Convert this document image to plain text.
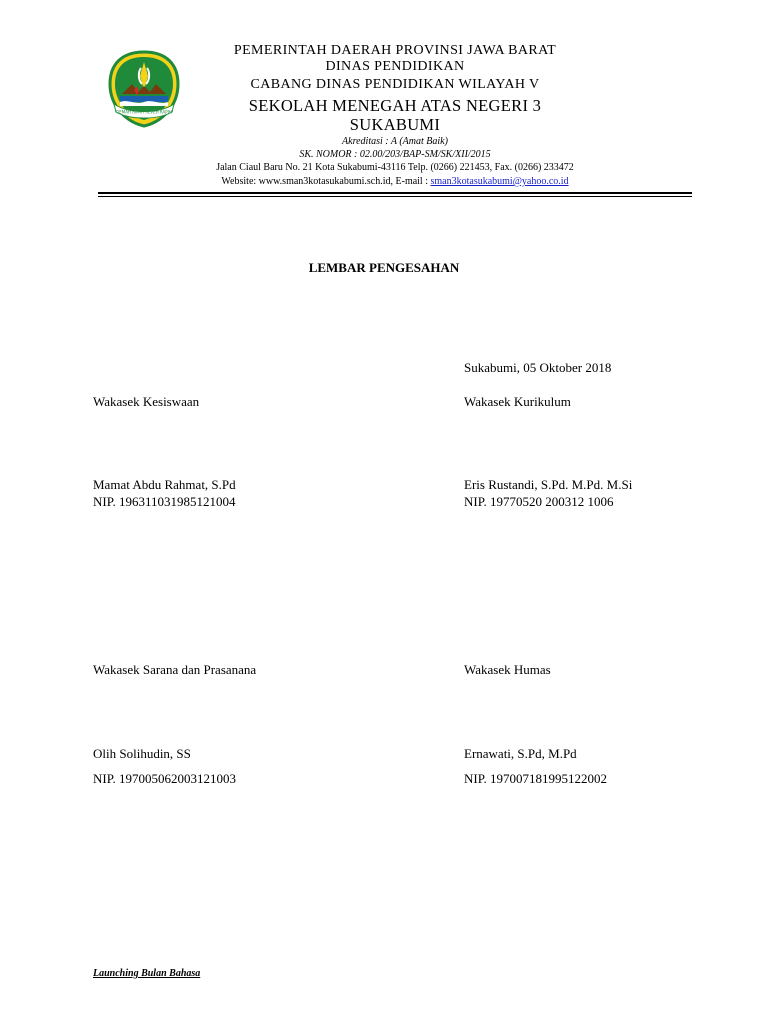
GEMAH RIPAH REPEH RAPIH
PEMERINTAH DAERAH PROVINSI JAWA BARAT
DINAS PENDIDIKAN
CABANG DINAS PENDIDIKAN WILAYAH V
SEKOLAH MENEGAH ATAS NEGERI 3
SUKABUMI
Akreditasi : A (Amat Baik)
SK. NOMOR : 02.00/203/BAP-SM/SK/XII/2015
Jalan Ciaul Baru No. 21 Kota Sukabumi-43116 Telp. (0266) 221453, Fax. (0266) 233472
Website: www.sman3kotasukabumi.sch.id, E-mail : sman3kotasukabumi@yahoo.co.id
LEMBAR PENGESAHAN
Sukabumi, 05 Oktober 2018
Wakasek Kesiswaan
Mamat Abdu Rahmat, S.Pd
NIP. 196311031985121004
Wakasek Kurikulum
Eris Rustandi, S.Pd. M.Pd. M.Si
NIP. 19770520 200312 1006
Wakasek Sarana dan Prasanana
Olih Solihudin, SS
NIP. 197005062003121003
Wakasek Humas
Ernawati, S.Pd, M.Pd
NIP. 197007181995122002
Launching Bulan Bahasa
